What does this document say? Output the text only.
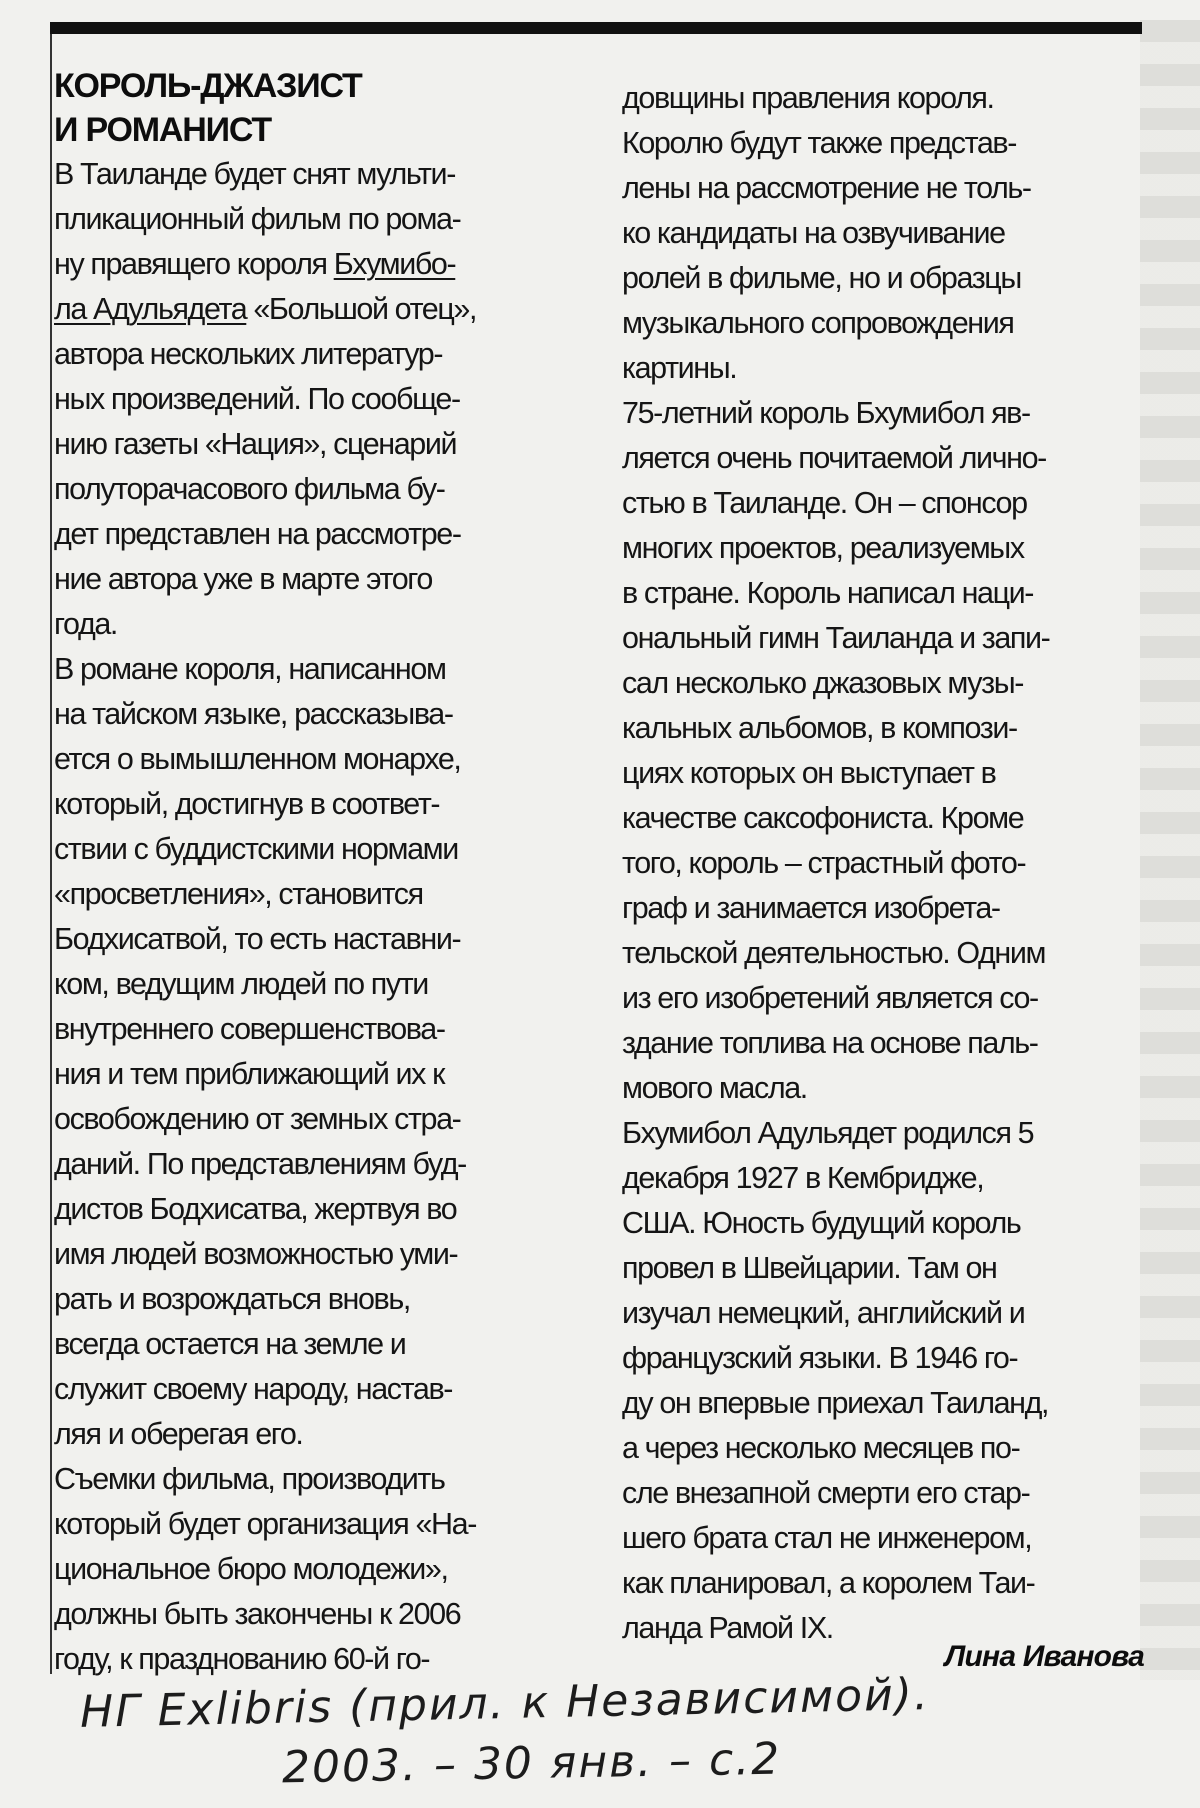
КОРОЛЬ-ДЖАЗИСТ
И РОМАНИСТ
В Таиланде будет снят мульти-
пликационный фильм по рома-
ну правящего короля Бхумибо-
ла Адульядета «Большой отец»,
автора нескольких литератур-
ных произведений. По сообще-
нию газеты «Нация», сценарий
полуторачасового фильма бу-
дет представлен на рассмотре-
ние автора уже в марте этого
года.
В романе короля, написанном
на тайском языке, рассказыва-
ется о вымышленном монархе,
который, достигнув в соответ-
ствии с буддистскими нормами
«просветления», становится
Бодхисатвой, то есть наставни-
ком, ведущим людей по пути
внутреннего совершенствова-
ния и тем приближающий их к
освобождению от земных стра-
даний. По представлениям буд-
дистов Бодхисатва, жертвуя во
имя людей возможностью уми-
рать и возрождаться вновь,
всегда остается на земле и
служит своему народу, настав-
ляя и оберегая его.
Съемки фильма, производить
который будет организация «На-
циональное бюро молодежи»,
должны быть закончены к 2006
году, к празднованию 60-й го-
довщины правления короля.
Королю будут также представ-
лены на рассмотрение не толь-
ко кандидаты на озвучивание
ролей в фильме, но и образцы
музыкального сопровождения
картины.
75-летний король Бхумибол яв-
ляется очень почитаемой лично-
стью в Таиланде. Он – спонсор
многих проектов, реализуемых
в стране. Король написал наци-
ональный гимн Таиланда и запи-
сал несколько джазовых музы-
кальных альбомов, в компози-
циях которых он выступает в
качестве саксофониста. Кроме
того, король – страстный фото-
граф и занимается изобрета-
тельской деятельностью. Одним
из его изобретений является со-
здание топлива на основе паль-
мового масла.
Бхумибол Адульядет родился 5
декабря 1927 в Кембридже,
США. Юность будущий король
провел в Швейцарии. Там он
изучал немецкий, английский и
французский языки. В 1946 го-
ду он впервые приехал Таиланд,
а через несколько месяцев по-
сле внезапной смерти его стар-
шего брата стал не инженером,
как планировал, а королем Таи-
ланда Рамой IX.
Лина Иванова
НГ Exlibris (прил. к Независимой).
2003. – 30 янв. – с.2
